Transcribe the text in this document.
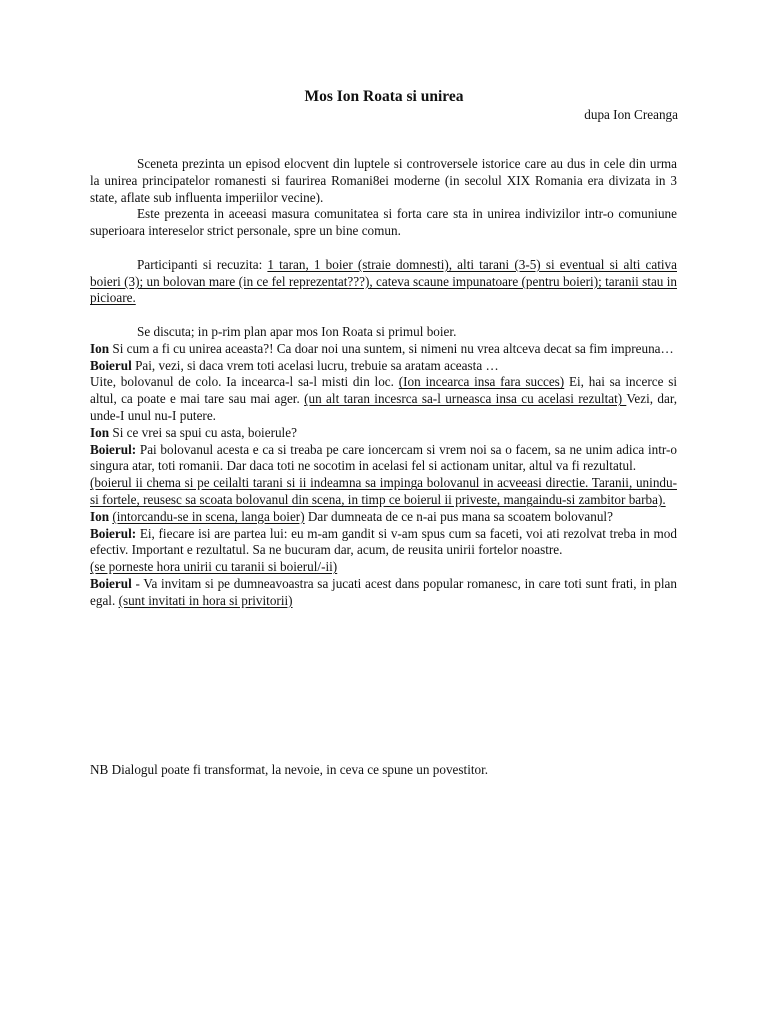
Mos Ion Roata si unirea
dupa Ion Creanga

Sceneta prezinta un episod elocvent din luptele si controversele istorice care au dus in cele din urma la unirea principatelor romanesti si faurirea Romani8ei moderne (in secolul XIX Romania era divizata in 3 state, aflate sub influenta imperiilor vecine).

Este prezenta in aceeasi masura comunitatea si forta care sta in unirea indivizilor intr-o comuniune superioara intereselor strict personale, spre un bine comun.

Participanti si recuzita: 1 taran, 1 boier (straie domnesti), alti tarani (3-5) si eventual si alti cativa boieri (3); un bolovan mare (in ce fel reprezentat???), cateva scaune impunatoare (pentru boieri); taranii stau in picioare.

Se discuta; in p-rim plan apar mos Ion Roata si primul boier.

Ion Si cum a fi cu unirea aceasta?! Ca doar noi una suntem, si nimeni nu vrea altceva decat sa fim impreuna…

Boierul Pai, vezi, si daca vrem toti acelasi lucru, trebuie sa aratam aceasta …

Uite, bolovanul de colo. Ia incearca-l sa-l misti din loc. (Ion incearca insa fara succes) Ei, hai sa incerce si altul, ca poate e mai tare sau mai ager. (un alt taran incesrca sa-l urneasca insa cu acelasi rezultat) Vezi, dar, unde-I unul nu-I putere.

Ion Si ce vrei sa spui cu asta, boierule?

Boierul: Pai bolovanul acesta e ca si treaba pe care ioncercam si vrem noi sa o facem, sa ne unim adica intr-o singura atar, toti romanii. Dar daca toti ne socotim in acelasi fel si actionam unitar, altul va fi rezultatul.

(boierul ii chema si pe ceilalti tarani si ii indeamna sa impinga bolovanul in acveeasi directie. Taranii, unindu-si fortele, reusesc sa scoata bolovanul din scena, in timp ce boierul ii priveste, mangaindu-si zambitor barba).

Ion (intorcandu-se in scena, langa boier) Dar dumneata de ce n-ai pus mana sa scoatem bolovanul?

Boierul: Ei, fiecare isi are partea lui: eu m-am gandit si v-am spus cum sa faceti, voi ati rezolvat treba in mod efectiv. Important e rezultatul. Sa ne bucuram dar, acum, de reusita unirii fortelor noastre.

(se porneste hora unirii cu taranii si boierul/-ii)

Boierul - Va invitam si pe dumneavoastra sa jucati acest dans popular romanesc, in care toti sunt frati, in plan egal. (sunt invitati in hora si privitorii)

NB Dialogul poate fi transformat, la nevoie, in ceva ce spune un povestitor.
